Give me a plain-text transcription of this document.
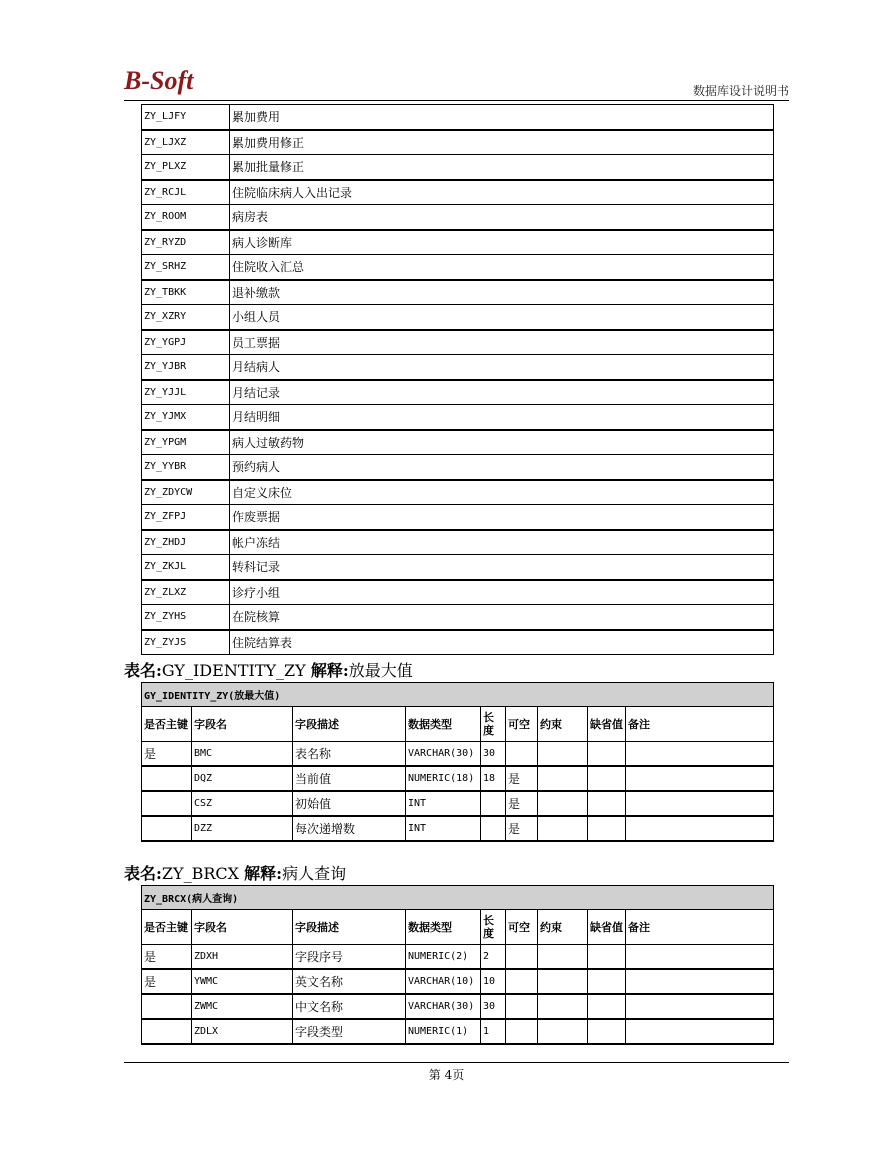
B-Soft	数据库设计说明书
ZY_LJFY	累加费用
ZY_LJXZ	累加费用修正
ZY_PLXZ	累加批量修正
ZY_RCJL	住院临床病人入出记录
ZY_ROOM	病房表
ZY_RYZD	病人诊断库
ZY_SRHZ	住院收入汇总
ZY_TBKK	退补缴款
ZY_XZRY	小组人员
ZY_YGPJ	员工票据
ZY_YJBR	月结病人
ZY_YJJL	月结记录
ZY_YJMX	月结明细
ZY_YPGM	病人过敏药物
ZY_YYBR	预约病人
ZY_ZDYCW	自定义床位
ZY_ZFPJ	作废票据
ZY_ZHDJ	帐户冻结
ZY_ZKJL	转科记录
ZY_ZLXZ	诊疗小组
ZY_ZYHS	在院核算
ZY_ZYJS	住院结算表
表名:GY_IDENTITY_ZY 解释:放最大值
GY_IDENTITY_ZY(放最大值)								
是否主键	字段名	字段描述	数据类型	长度	可空	约束	缺省值	备注
是	BMC	表名称	VARCHAR(30)	30				
	DQZ	当前值	NUMERIC(18)	18	是			
	CSZ	初始值	INT		是			
	DZZ	每次递增数	INT		是			
表名:ZY_BRCX 解释:病人查询
ZY_BRCX(病人查询)								
是否主键	字段名	字段描述	数据类型	长度	可空	约束	缺省值	备注
是	ZDXH	字段序号	NUMERIC(2)	2				
是	YWMC	英文名称	VARCHAR(10)	10				
	ZWMC	中文名称	VARCHAR(30)	30				
	ZDLX	字段类型	NUMERIC(1)	1				
第 4页
